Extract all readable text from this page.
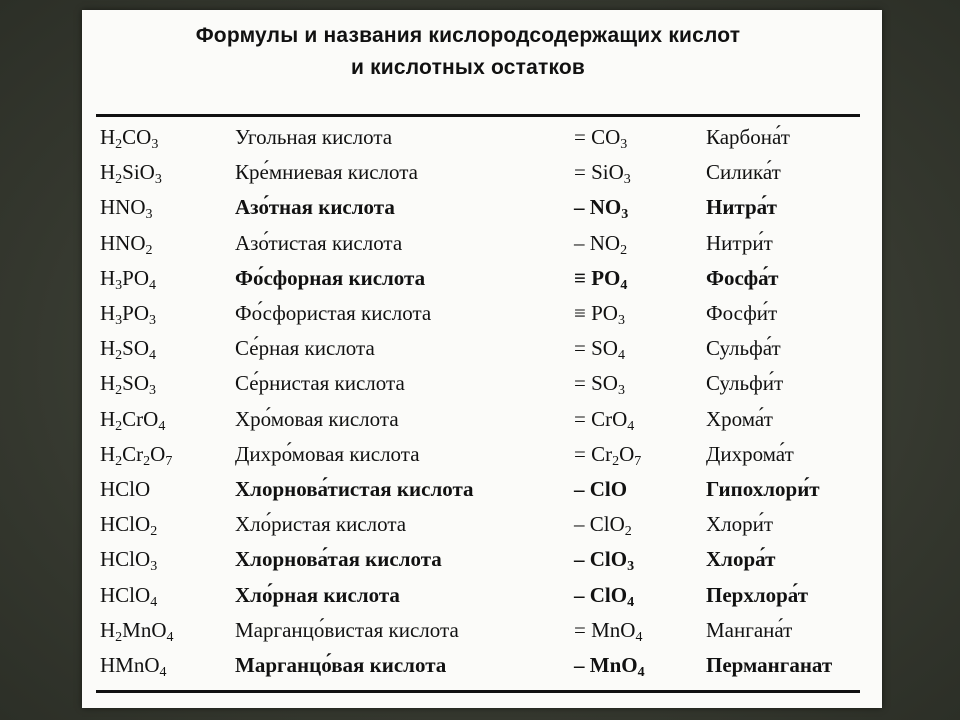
Формулы и названия кислородсодержащих кислот
и кислотных остатков
$H_2CO_3$	Угольная кислота	= $CO_3$	Карбона́т
$H_2SiO_3$	Кре́мниевая кислота	= SiO$_3$	Силика́т
$HNO_3$	Азо́тная кислота	– $NO_3$	Нитра́т
$HNO_2$	Азо́тистая кислота	– $NO_2$	Нитри́т
$H_3PO_4$	Фо́сфорная кислота	≡ $PO_4$	Фосфа́т
$H_3PO_3$	Фо́сфористая кислота	≡ $PO_3$	Фосфи́т
$H_2SO_4$	Се́рная кислота	= $SO_4$	Сульфа́т
$H_2SO_3$	Се́рнистая кислота	= $SO_3$	Сульфи́т
$H_2CrO_4$	Хро́мовая кислота	= CrO$_4$	Хрома́т
$H_2Cr_2O_7$	Дихро́мовая кислота	= $Cr_2O_7$	Дихрома́т
HClO	Хлорнова́тистая кислота	– ClO	Гипохлори́т
HClO$_2$	Хло́ристая кислота	– ClO$_2$	Хлори́т
HClO$_3$	Хлорнова́тая кислота	– ClO$_3$	Хлора́т
HClO$_4$	Хло́рная кислота	– ClO$_4$	Перхлора́т
$H_2MnO_4$	Марганцо́вистая кислота	= MnO$_4$	Мангана́т
HMnO$_4$	Марганцо́вая кислота	– MnO$_4$	Перманганат
